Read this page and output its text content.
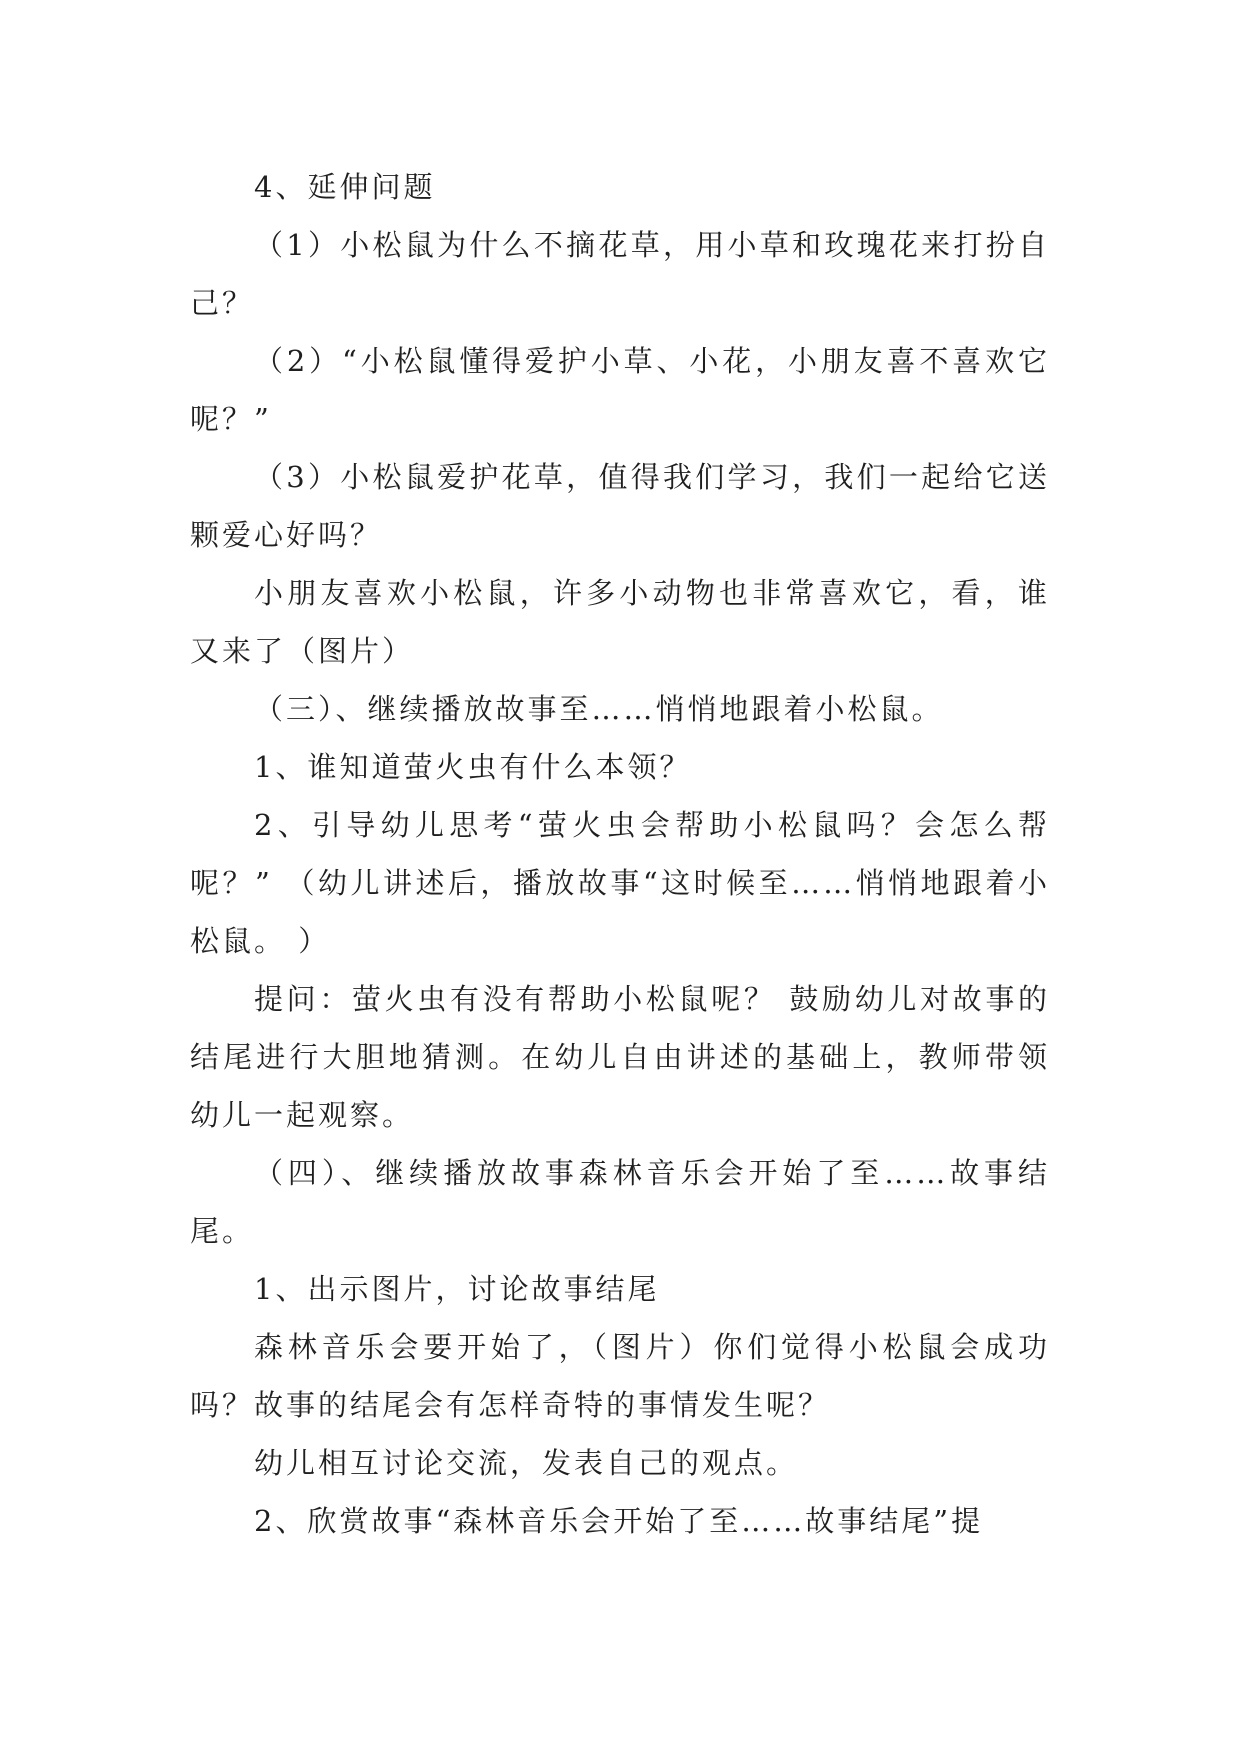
4、延伸问题

（1）小松鼠为什么不摘花草，用小草和玫瑰花来打扮自己？

（2）“小松鼠懂得爱护小草、小花，小朋友喜不喜欢它呢？”

（3）小松鼠爱护花草，值得我们学习，我们一起给它送颗爱心好吗？

小朋友喜欢小松鼠，许多小动物也非常喜欢它，看，谁又来了（图片）

（三）、继续播放故事至……悄悄地跟着小松鼠。

1、谁知道萤火虫有什么本领？

2、引导幼儿思考“萤火虫会帮助小松鼠吗？会怎么帮呢？” （幼儿讲述后，播放故事“这时候至……悄悄地跟着小松鼠。 ）

提问：萤火虫有没有帮助小松鼠呢？ 鼓励幼儿对故事的结尾进行大胆地猜测。在幼儿自由讲述的基础上，教师带领幼儿一起观察。

（四）、继续播放故事森林音乐会开始了至……故事结尾。

1、出示图片，讨论故事结尾

森林音乐会要开始了，（图片）你们觉得小松鼠会成功吗？故事的结尾会有怎样奇特的事情发生呢？

幼儿相互讨论交流，发表自己的观点。

2、欣赏故事“森林音乐会开始了至……故事结尾”提
